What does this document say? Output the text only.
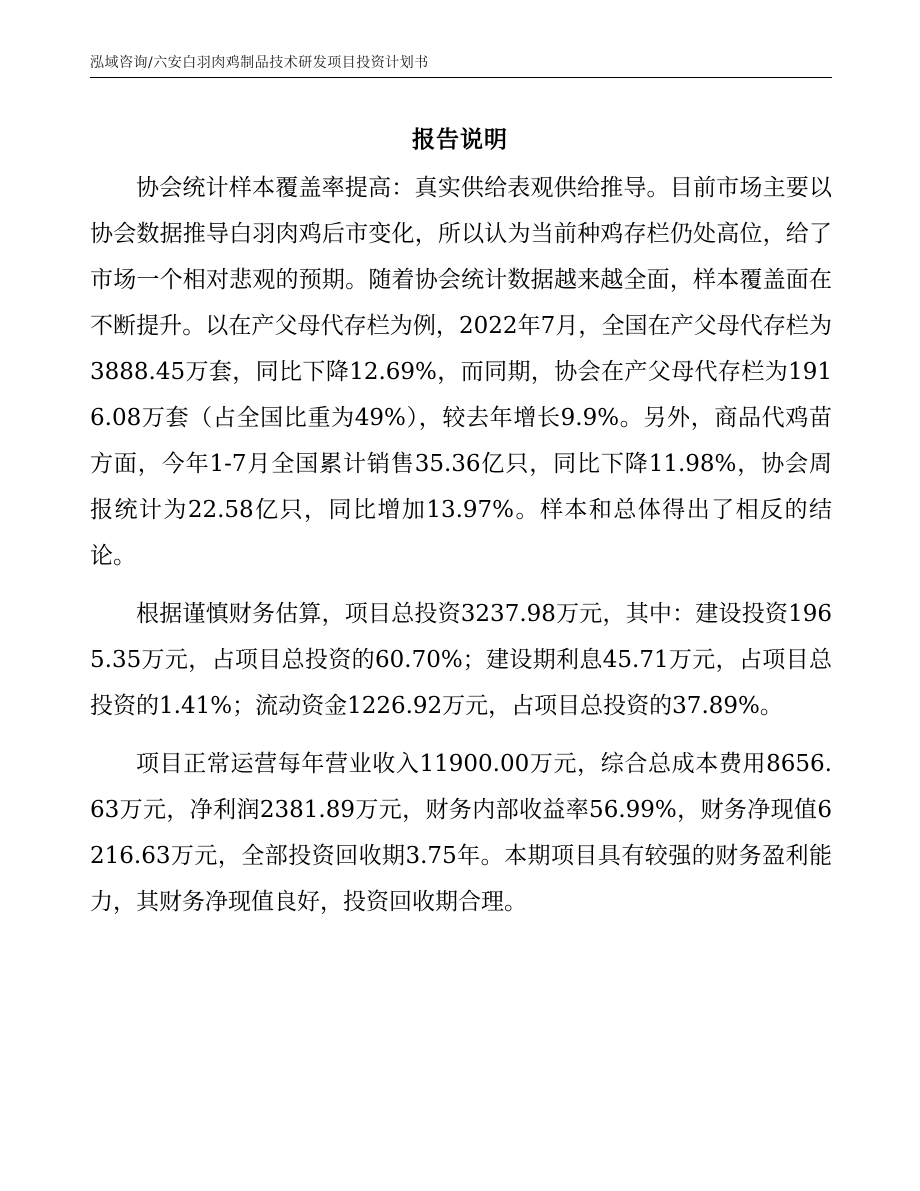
泓域咨询/六安白羽肉鸡制品技术研发项目投资计划书
报告说明

协会统计样本覆盖率提高：真实供给表观供给推导。目前市场主要以协会数据推导白羽肉鸡后市变化，所以认为当前种鸡存栏仍处高位，给了市场一个相对悲观的预期。随着协会统计数据越来越全面，样本覆盖面在不断提升。以在产父母代存栏为例，2022年7月，全国在产父母代存栏为3888.45万套，同比下降12.69%，而同期，协会在产父母代存栏为1916.08万套（占全国比重为49%），较去年增长9.9%。另外，商品代鸡苗方面，今年1-7月全国累计销售35.36亿只，同比下降11.98%，协会周报统计为22.58亿只，同比增加13.97%。样本和总体得出了相反的结论。

根据谨慎财务估算，项目总投资3237.98万元，其中：建设投资1965.35万元，占项目总投资的60.70%；建设期利息45.71万元，占项目总投资的1.41%；流动资金1226.92万元，占项目总投资的37.89%。

项目正常运营每年营业收入11900.00万元，综合总成本费用8656.63万元，净利润2381.89万元，财务内部收益率56.99%，财务净现值6216.63万元，全部投资回收期3.75年。本期项目具有较强的财务盈利能力，其财务净现值良好，投资回收期合理。
